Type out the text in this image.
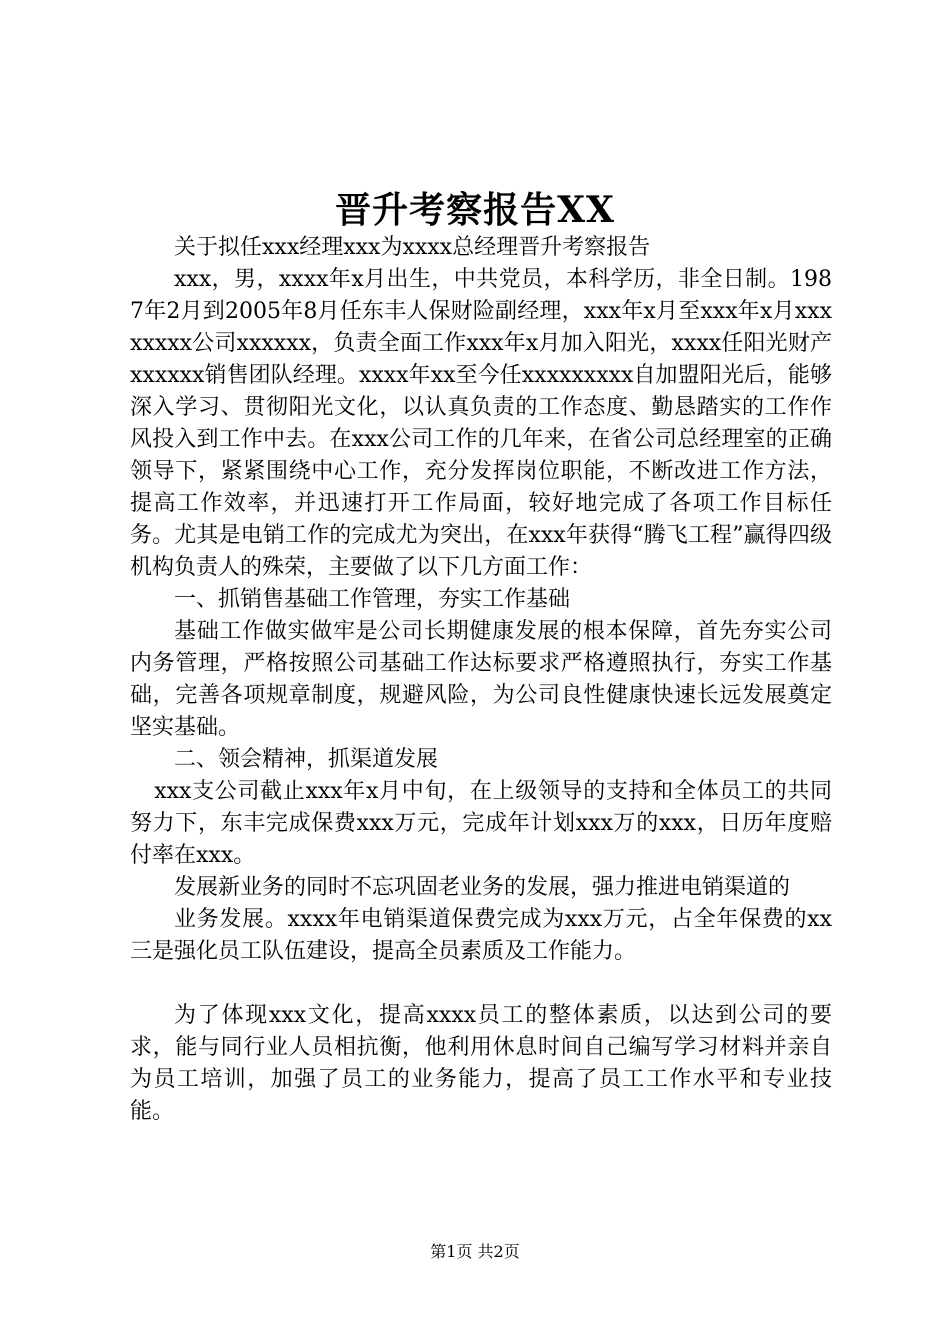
晋升考察报告XX

关于拟任xxx经理xxx为xxxx总经理晋升考察报告

xxx，男，xxxx年x月出生，中共党员，本科学历，非全日制。1987年2月到2005年8月任东丰人保财险副经理，xxx年x月至xxx年x月xxxxxxxx公司xxxxxx，负责全面工作xxx年x月加入阳光，xxxx任阳光财产xxxxxx销售团队经理。xxxx年xx至今任xxxxxxxxx自加盟阳光后，能够深入学习、贯彻阳光文化，以认真负责的工作态度、勤恳踏实的工作作风投入到工作中去。在xxx公司工作的几年来，在省公司总经理室的正确领导下，紧紧围绕中心工作，充分发挥岗位职能，不断改进工作方法，提高工作效率，并迅速打开工作局面，较好地完成了各项工作目标任务。尤其是电销工作的完成尤为突出，在xxx年获得“腾飞工程”赢得四级机构负责人的殊荣，主要做了以下几方面工作：

一、抓销售基础工作管理，夯实工作基础

基础工作做实做牢是公司长期健康发展的根本保障，首先夯实公司内务管理，严格按照公司基础工作达标要求严格遵照执行，夯实工作基础，完善各项规章制度，规避风险，为公司良性健康快速长远发展奠定坚实基础。

二、领会精神，抓渠道发展

xxx支公司截止xxx年x月中旬，在上级领导的支持和全体员工的共同努力下，东丰完成保费xxx万元，完成年计划xxx万的xxx，日历年度赔付率在xxx。

发展新业务的同时不忘巩固老业务的发展，强力推进电销渠道的

业务发展。xxxx年电销渠道保费完成为xxx万元，占全年保费的xx三是强化员工队伍建设，提高全员素质及工作能力。

为了体现xxx文化，提高xxxx员工的整体素质，以达到公司的要求，能与同行业人员相抗衡，他利用休息时间自己编写学习材料并亲自为员工培训，加强了员工的业务能力，提高了员工工作水平和专业技能。

第1页 共2页
